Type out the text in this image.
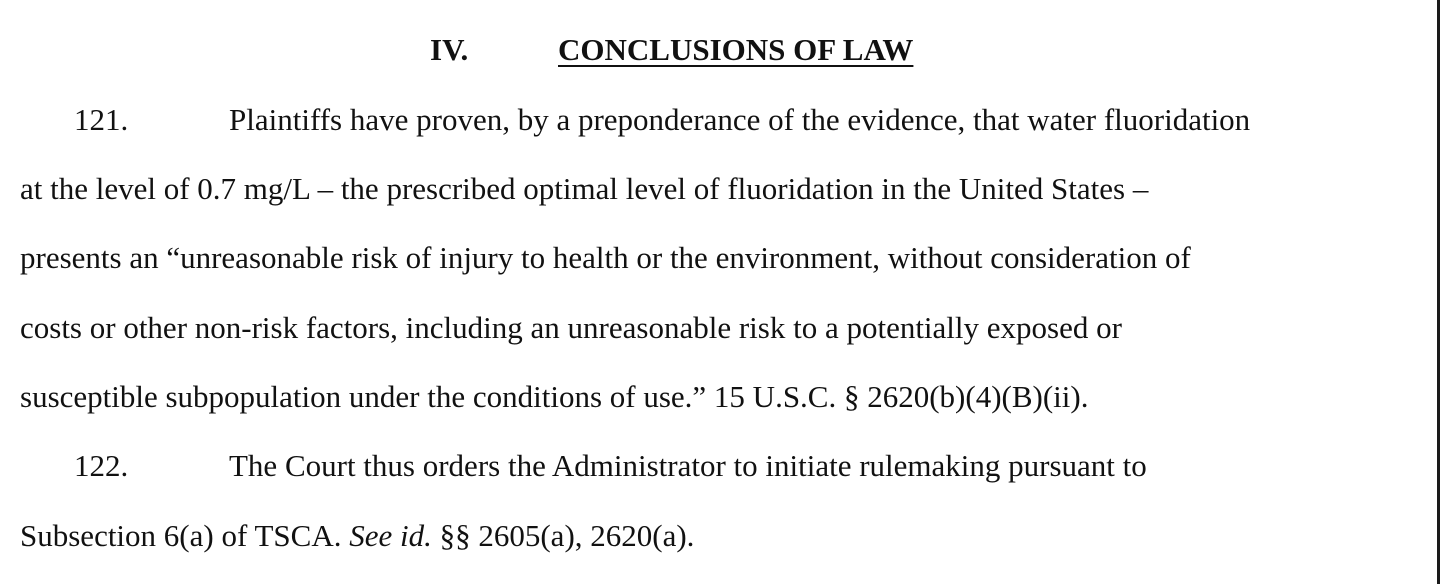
IV.	CONCLUSIONS OF LAW
121.	Plaintiffs have proven, by a preponderance of the evidence, that water fluoridation
at the level of 0.7 mg/L – the prescribed optimal level of fluoridation in the United States –
presents an “unreasonable risk of injury to health or the environment, without consideration of
costs or other non-risk factors, including an unreasonable risk to a potentially exposed or
susceptible subpopulation under the conditions of use.” 15 U.S.C. § 2620(b)(4)(B)(ii).
122.	The Court thus orders the Administrator to initiate rulemaking pursuant to
Subsection 6(a) of TSCA. See id. §§ 2605(a), 2620(a).
